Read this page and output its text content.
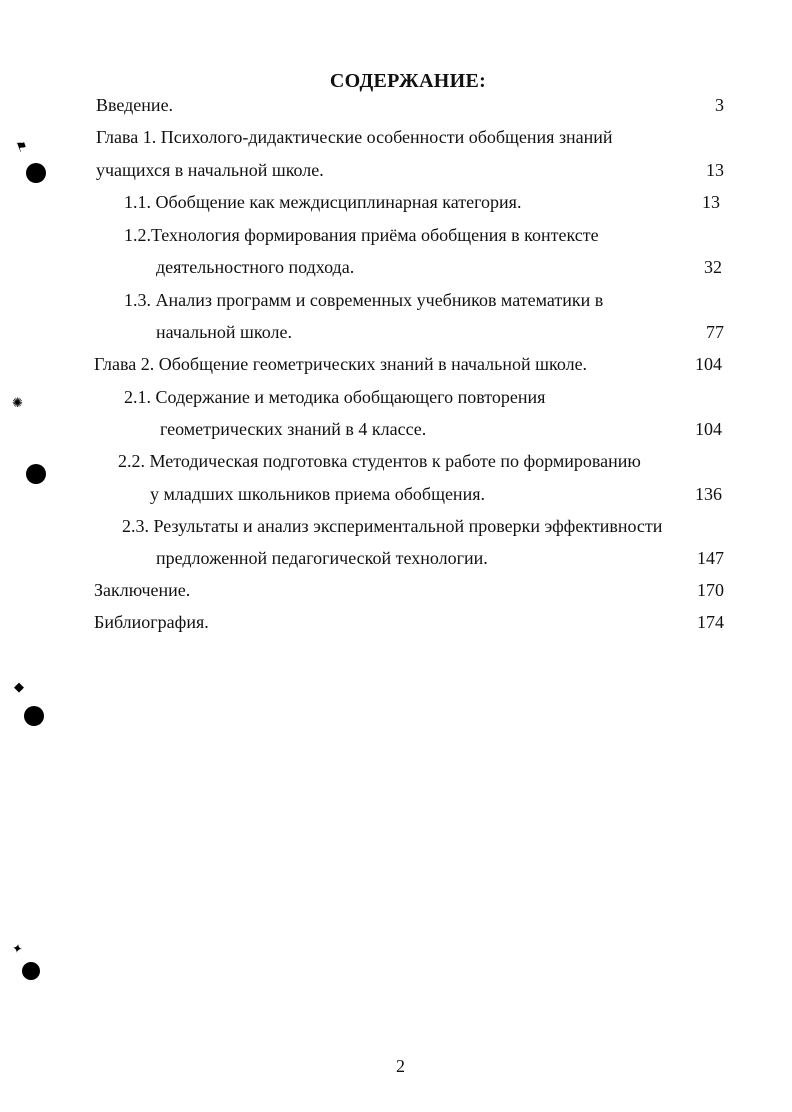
СОДЕРЖАНИЕ:
Введение.	3
Глава 1. Психолого-дидактические особенности обобщения знаний
учащихся в начальной школе.	13
1.1. Обобщение как междисциплинарная категория.	13
1.2.Технология формирования приёма обобщения в контексте
деятельностного подхода.	32
1.3. Анализ программ и современных учебников математики в
начальной школе.	77
Глава 2. Обобщение геометрических знаний в начальной школе.	104
2.1. Содержание и методика обобщающего повторения
геометрических знаний в 4 классе.	104
2.2. Методическая подготовка студентов к работе по формированию
у младших школьников приема обобщения.	136
2.3. Результаты и анализ экспериментальной проверки эффективности
предложенной педагогической технологии.	147
Заключение.	170
Библиография.	174
2
⚑
✺
◆
✦
